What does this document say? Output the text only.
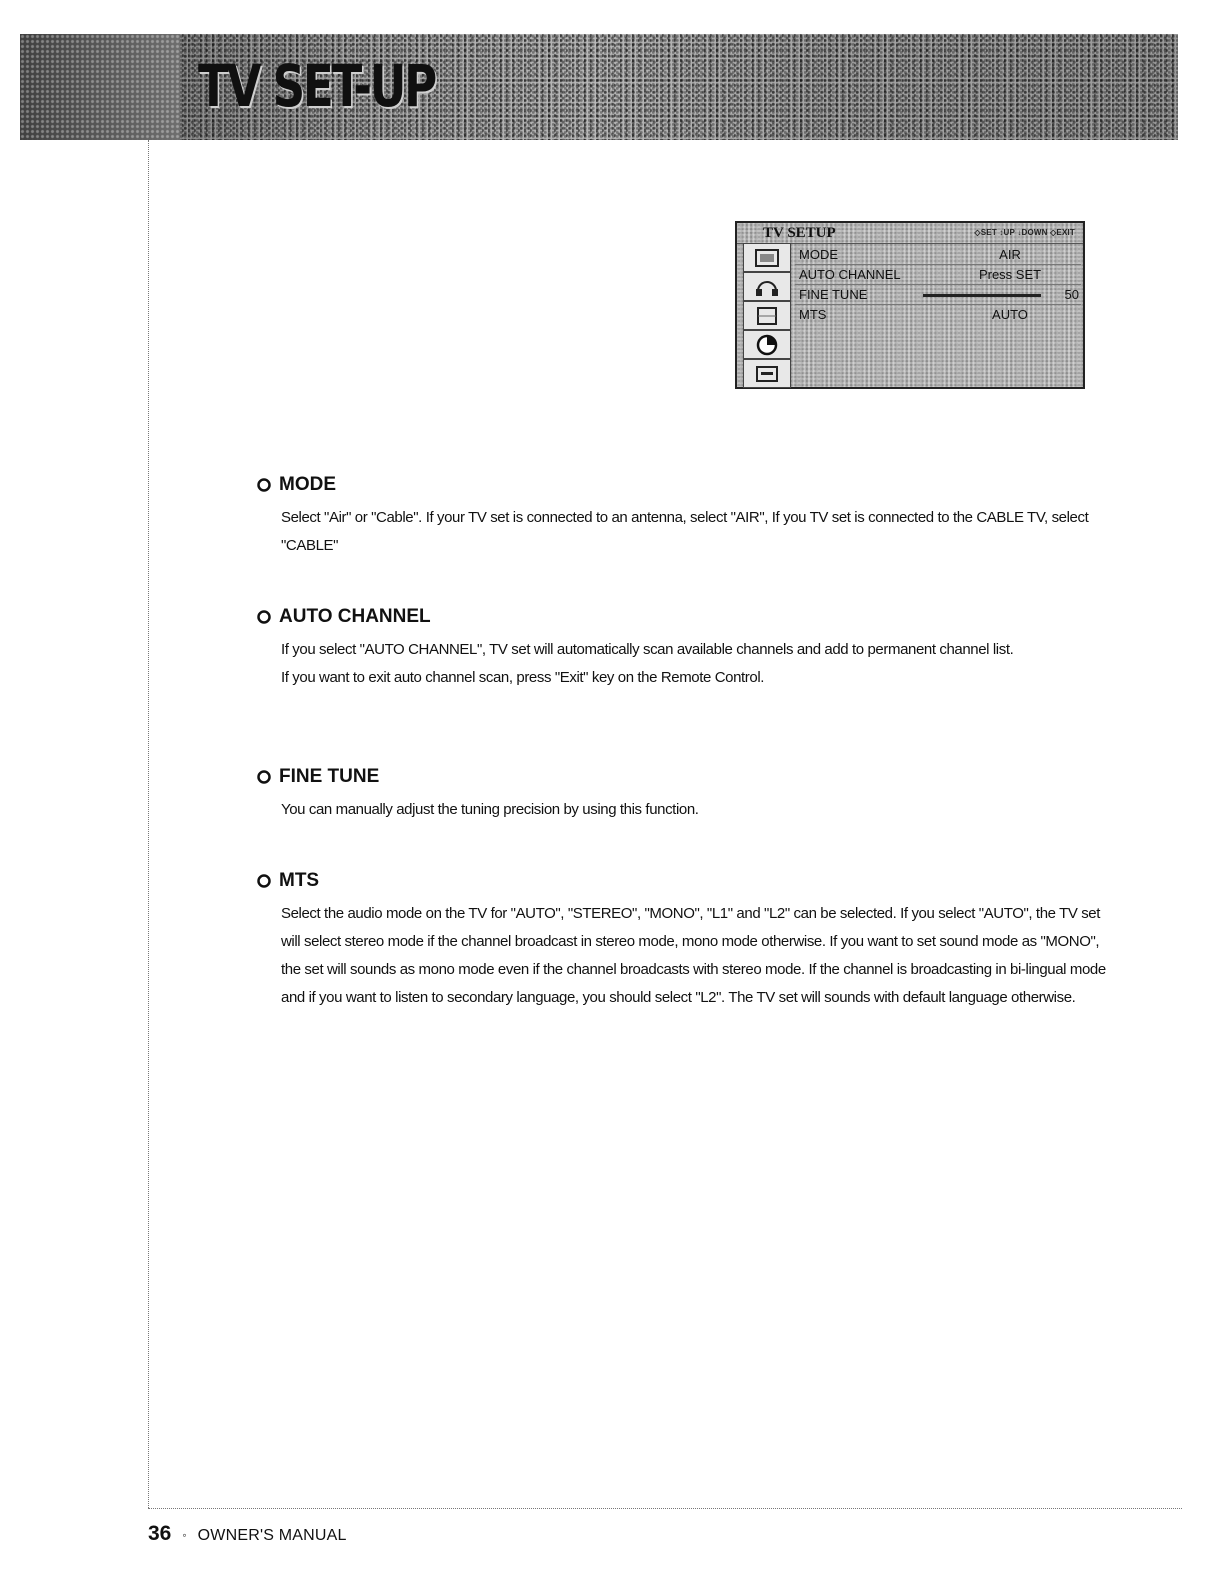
TV SET-UP
TV SETUP	◇SET ↕UP ↓DOWN ◇EXIT
MODE	AIR
AUTO CHANNEL	Press SET
FINE TUNE	50
MTS	AUTO
MODE

Select "Air" or "Cable". If your TV set is connected to an antenna, select "AIR", If you TV set is connected to the CABLE TV, select "CABLE"

AUTO CHANNEL

If you select "AUTO CHANNEL", TV set will automatically scan available channels and add to permanent channel list.

If you want to exit auto channel scan, press "Exit" key on the Remote Control.

FINE TUNE

You can manually adjust the tuning precision by using this function.

MTS

Select the audio mode on the TV for "AUTO", "STEREO", "MONO", "L1" and "L2" can be selected. If you select "AUTO", the TV set will select stereo mode if the channel broadcast in stereo mode, mono mode otherwise. If you want to set sound mode as "MONO", the set will sounds as mono mode even if the channel broadcasts with stereo mode. If the channel is broadcasting in bi-lingual mode and if you want to listen to secondary language, you should select "L2". The TV set will sounds with default language otherwise.

36 ◦ OWNER'S MANUAL
